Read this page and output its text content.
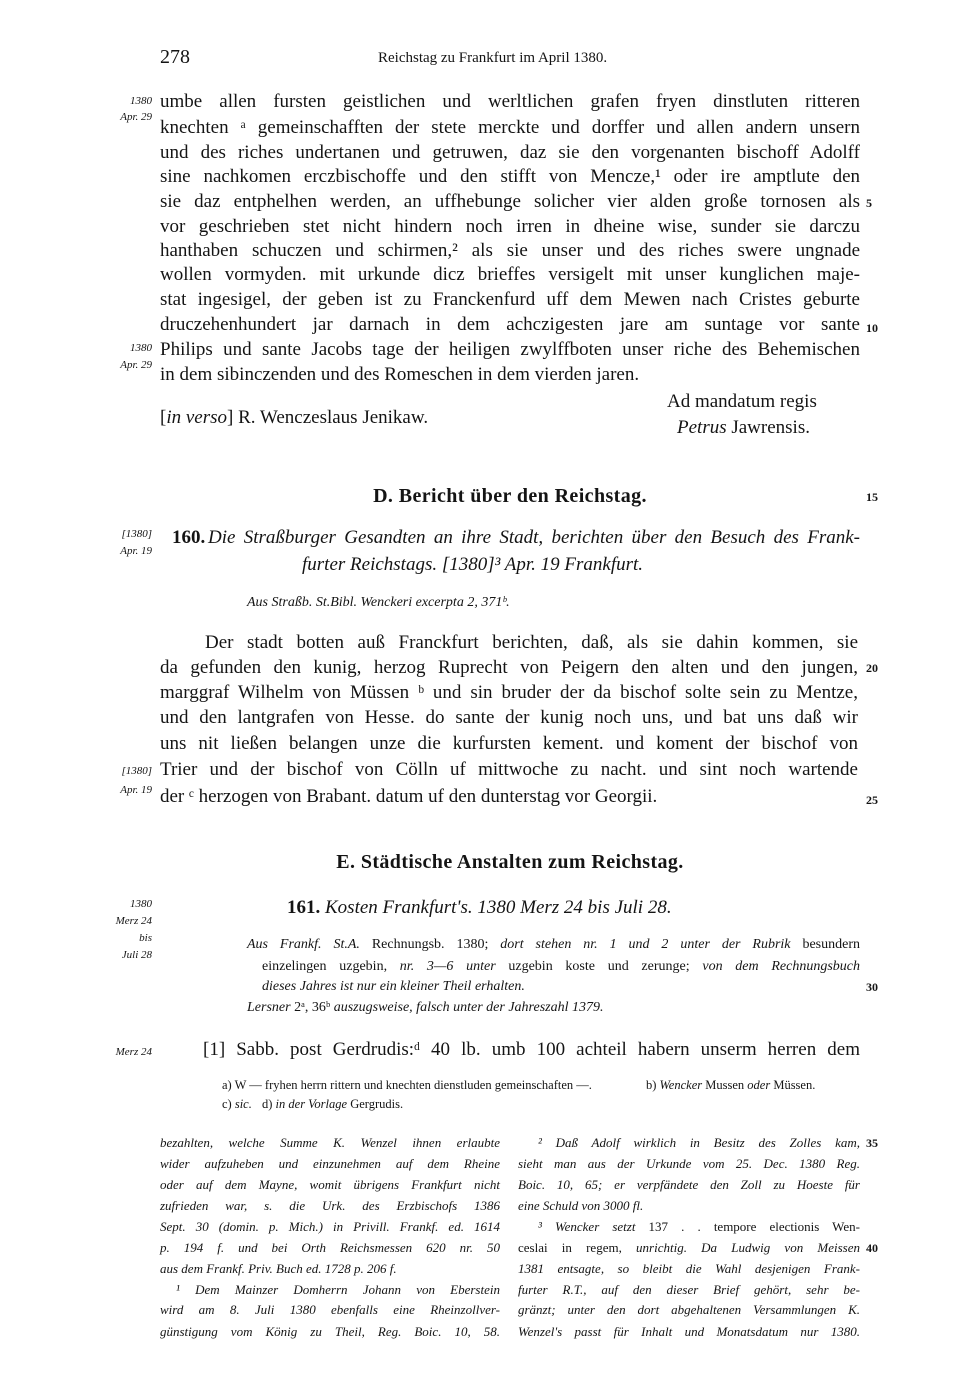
278	Reichstag zu Frankfurt im April 1380.
1380
Apr. 29
umbe allen fursten geistlichen und werltlichen grafen fryen dinstluten ritteren
knechten ᵃ gemeinschafften der stete merckte und dorffer und allen andern unsern
und des riches undertanen und getruwen, daz sie den vorgenanten bischoff Adolff
sine nachkomen erczbischoffe und den stifft von Mencze,¹ oder ire amptlute den
sie daz entphelhen werden, an uffhebunge solicher vier alden große tornosen als
vor geschrieben stet nicht hindern noch irren in dheine wise, sunder sie darczu
hanthaben schuczen und schirmen,² als sie unser und des riches swere ungnade
wollen vormyden. mit urkunde dicz brieffes versigelt mit unser kunglichen maje-
stat ingesigel, der geben ist zu Franckenfurd uff dem Mewen nach Cristes geburte
druczehenhundert jar darnach in dem achczigesten jare am suntage vor sante
Philips und sante Jacobs tage der heiligen zwylffboten unser riche des Behemischen
in dem sibinczenden und des Romeschen in dem vierden jaren.
1380
Apr. 29
Ad mandatum regis
[in verso] R. Wenczeslaus Jenikaw.	Petrus Jawrensis.
D. Bericht über den Reichstag.
[1380]
Apr. 19
160. Die Straßburger Gesandten an ihre Stadt, berichten über den Besuch des Frank-
furter Reichstags. [1380]³ Apr. 19 Frankfurt.
Aus Straßb. St.Bibl. Wenckeri excerpta 2, 371ᵇ.
Der stadt botten auß Franckfurt berichten, daß, als sie dahin kommen, sie
da gefunden den kunig, herzog Ruprecht von Peigern den alten und den jungen,
marggraf Wilhelm von Müssen ᵇ und sin bruder der da bischof solte sein zu Mentze,
und den lantgrafen von Hesse. do sante der kunig noch uns, und bat uns daß wir
uns nit ließen belangen unze die kurfursten kement. und koment der bischof von
Trier und der bischof von Cölln uf mittwoche zu nacht. und sint noch wartende
der ᶜ herzogen von Brabant. datum uf den dunterstag vor Georgii.
[1380]
Apr. 19
E. Städtische Anstalten zum Reichstag.
1380
Merz 24
bis
Juli 28
161. Kosten Frankfurt's. 1380 Merz 24 bis Juli 28.
Aus Frankf. St.A. Rechnungsb. 1380; dort stehen nr. 1 und 2 unter der Rubrik besundern
einzelingen uzgebin, nr. 3—6 unter uzgebin koste und zerunge; von dem Rechnungsbuch
dieses Jahres ist nur ein kleiner Theil erhalten.
Lersner 2ᵃ, 36ᵇ auszugsweise, falsch unter der Jahreszahl 1379.
Merz 24	[1] Sabb. post Gerdrudis:ᵈ 40 lb. umb 100 achteil habern unserm herren dem
a) W — fryhen herrn rittern und knechten dienstluden gemeinschaften —.	b) Wencker Mussen oder Müssen.
c) sic. d) in der Vorlage Gergrudis.
bezahlten, welche Summe K. Wenzel ihnen erlaubte
wider aufzuheben und einzunehmen auf dem Rheine
oder auf dem Mayne, womit übrigens Frankfurt nicht
zufrieden war, s. die Urk. des Erzbischofs 1386
Sept. 30 (domin. p. Mich.) in Privill. Frankf. ed. 1614
p. 194 f. und bei Orth Reichsmessen 620 nr. 50
aus dem Frankf. Priv. Buch ed. 1728 p. 206 f.
¹ Dem Mainzer Domherrn Johann von Eberstein
wird am 8. Juli 1380 ebenfalls eine Rheinzollver-
günstigung vom König zu Theil, Reg. Boic. 10, 58.
² Daß Adolf wirklich in Besitz des Zolles kam,
sieht man aus der Urkunde vom 25. Dec. 1380 Reg.
Boic. 10, 65; er verpfändete den Zoll zu Hoeste für
eine Schuld von 3000 fl.
³ Wencker setzt 137 . . tempore electionis Wen-
ceslai in regem, unrichtig. Da Ludwig von Meissen
1381 entsagte, so bleibt die Wahl desjenigen Frank-
furter R.T., auf den dieser Brief gehört, sehr be-
gränzt; unter den dort abgehaltenen Versammlungen K.
Wenzel's passt für Inhalt und Monatsdatum nur 1380.
5
10
15
20
25
30
35
40
